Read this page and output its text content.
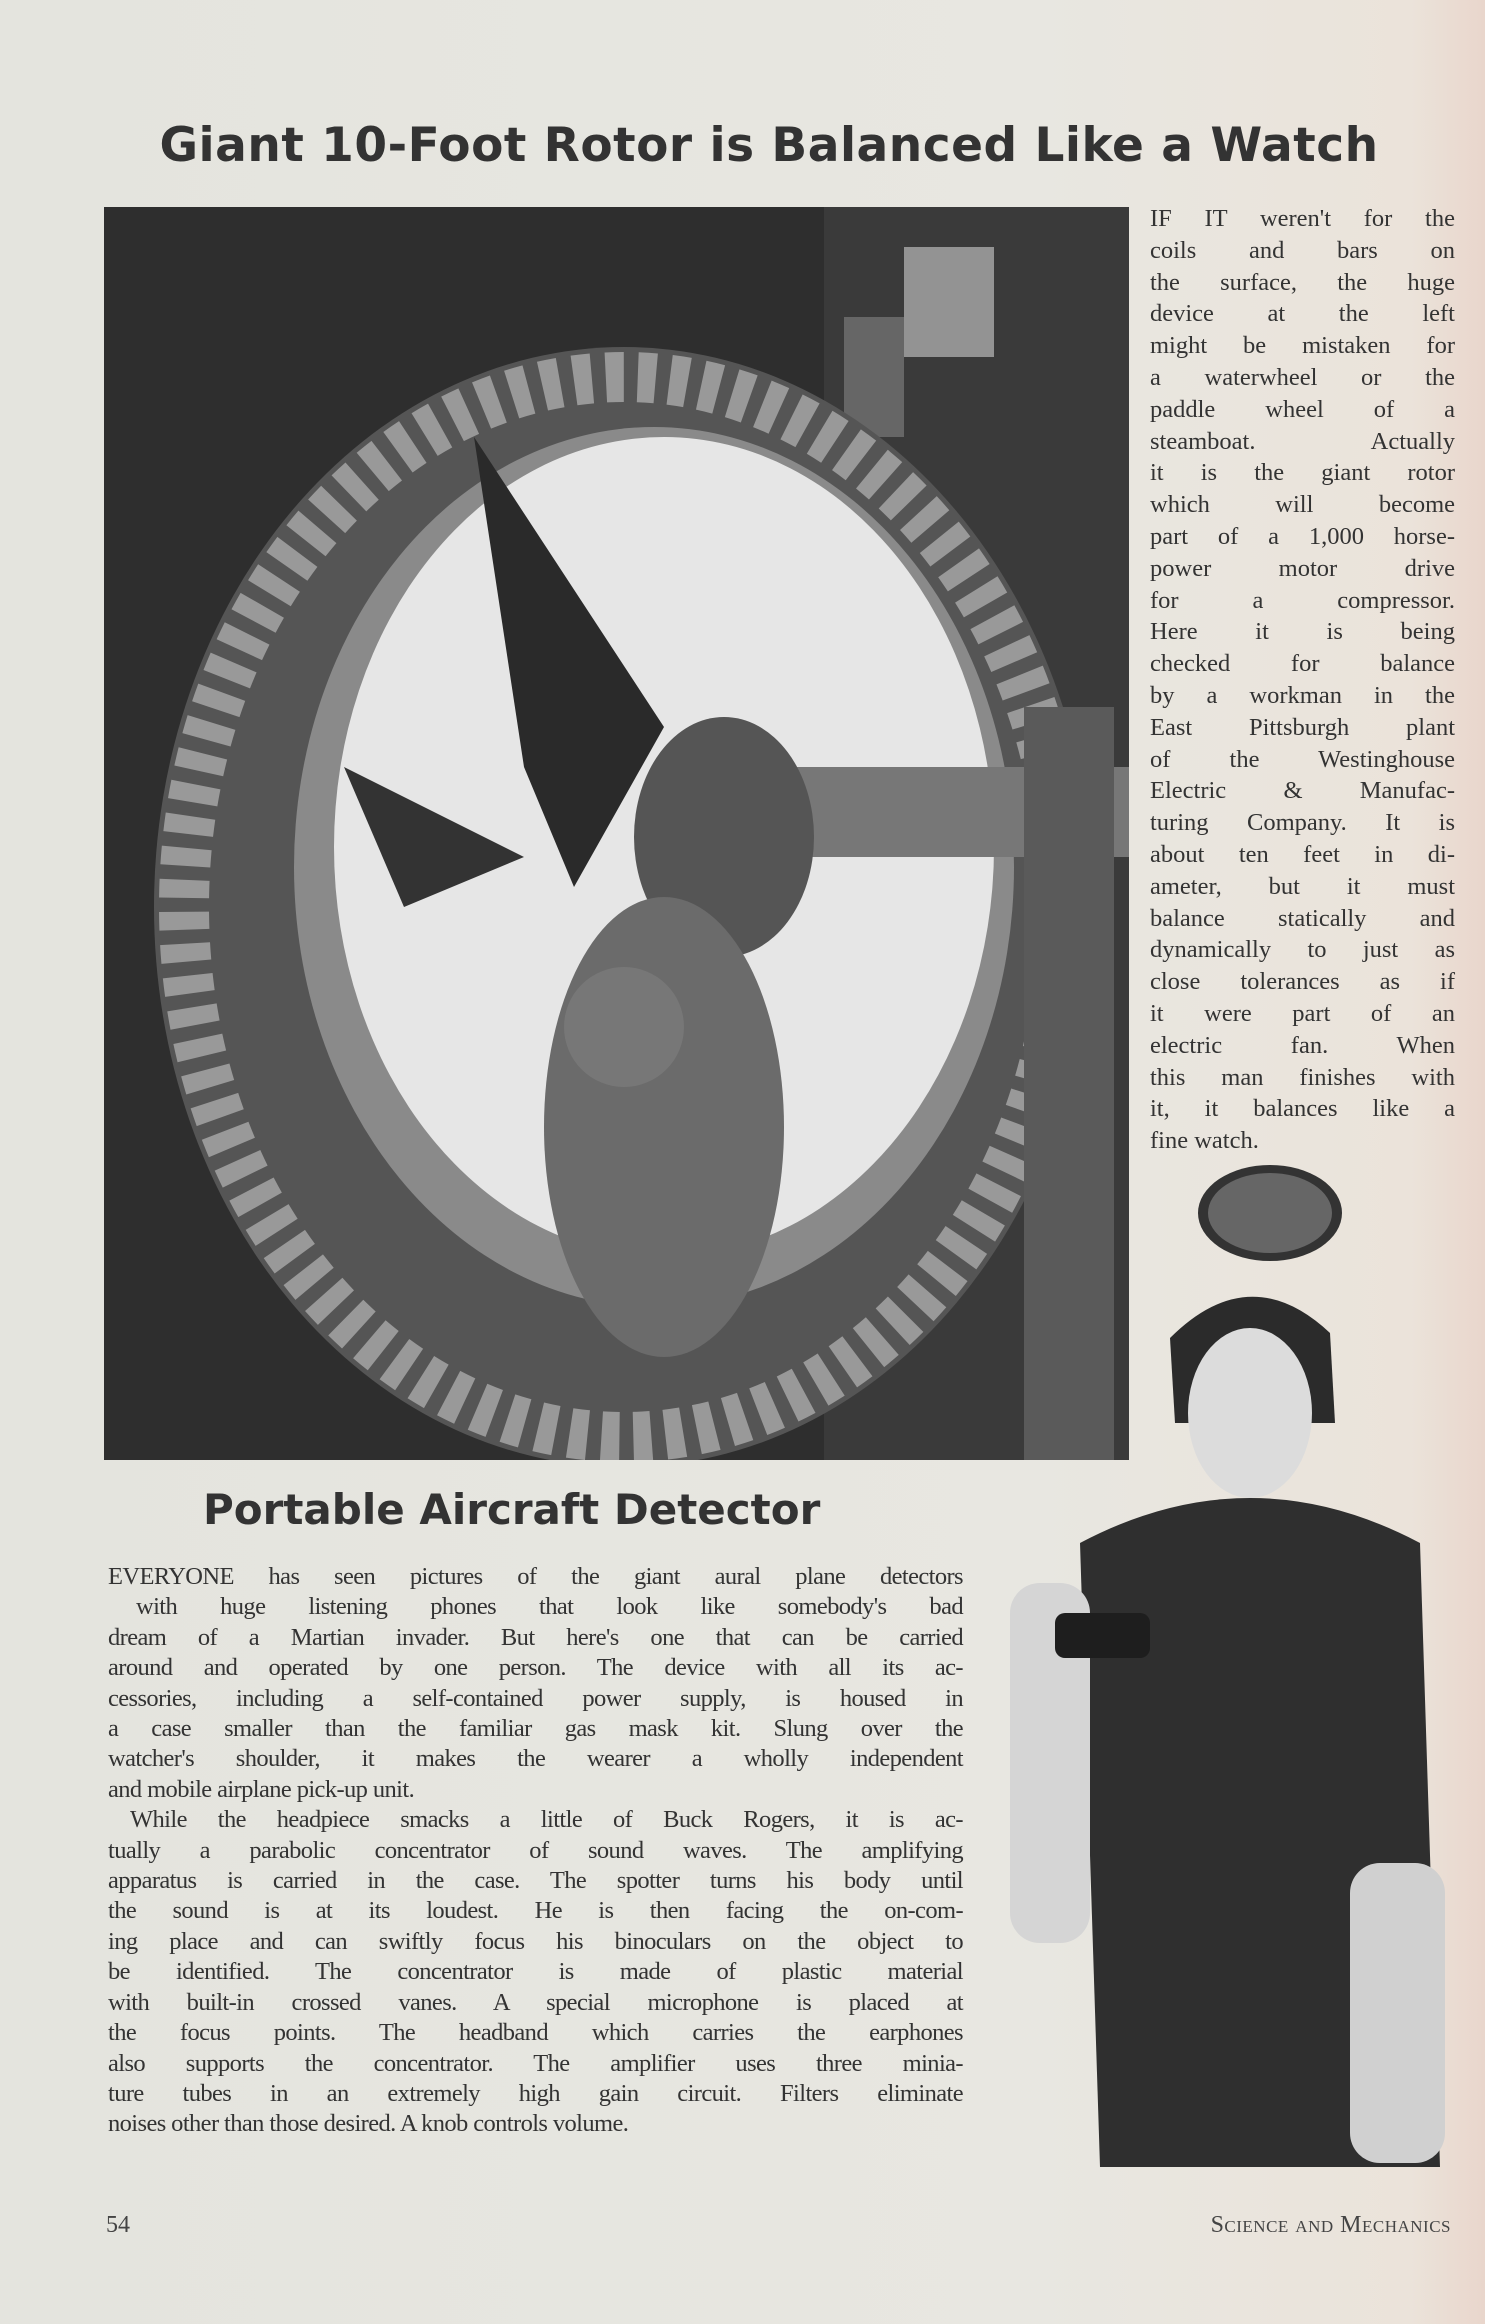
Giant 10-Foot Rotor is Balanced Like a Watch
IF IT weren't for the
coils and bars on
the surface, the huge
device at the left
might be mistaken for
a waterwheel or the
paddle wheel of a
steamboat. Actually
it is the giant rotor
which will become
part of a 1,000 horse-
power motor drive
for a compressor.
Here it is being
checked for balance
by a workman in the
East Pittsburgh plant
of the Westinghouse
Electric & Manufac-
turing Company. It is
about ten feet in di-
ameter, but it must
balance statically and
dynamically to just as
close tolerances as if
it were part of an
electric fan. When
this man finishes with
it, it balances like a
fine watch.
Portable Aircraft Detector
EVERYONE has seen pictures of the giant aural plane detectors
with huge listening phones that look like somebody's bad
dream of a Martian invader. But here's one that can be carried
around and operated by one person. The device with all its ac-
cessories, including a self-contained power supply, is housed in
a case smaller than the familiar gas mask kit. Slung over the
watcher's shoulder, it makes the wearer a wholly independent
and mobile airplane pick-up unit.
While the headpiece smacks a little of Buck Rogers, it is ac-
tually a parabolic concentrator of sound waves. The amplifying
apparatus is carried in the case. The spotter turns his body until
the sound is at its loudest. He is then facing the on-com-
ing place and can swiftly focus his binoculars on the object to
be identified. The concentrator is made of plastic material
with built-in crossed vanes. A special microphone is placed at
the focus points. The headband which carries the earphones
also supports the concentrator. The amplifier uses three minia-
ture tubes in an extremely high gain circuit. Filters eliminate
noises other than those desired. A knob controls volume.
54	Science and Mechanics
